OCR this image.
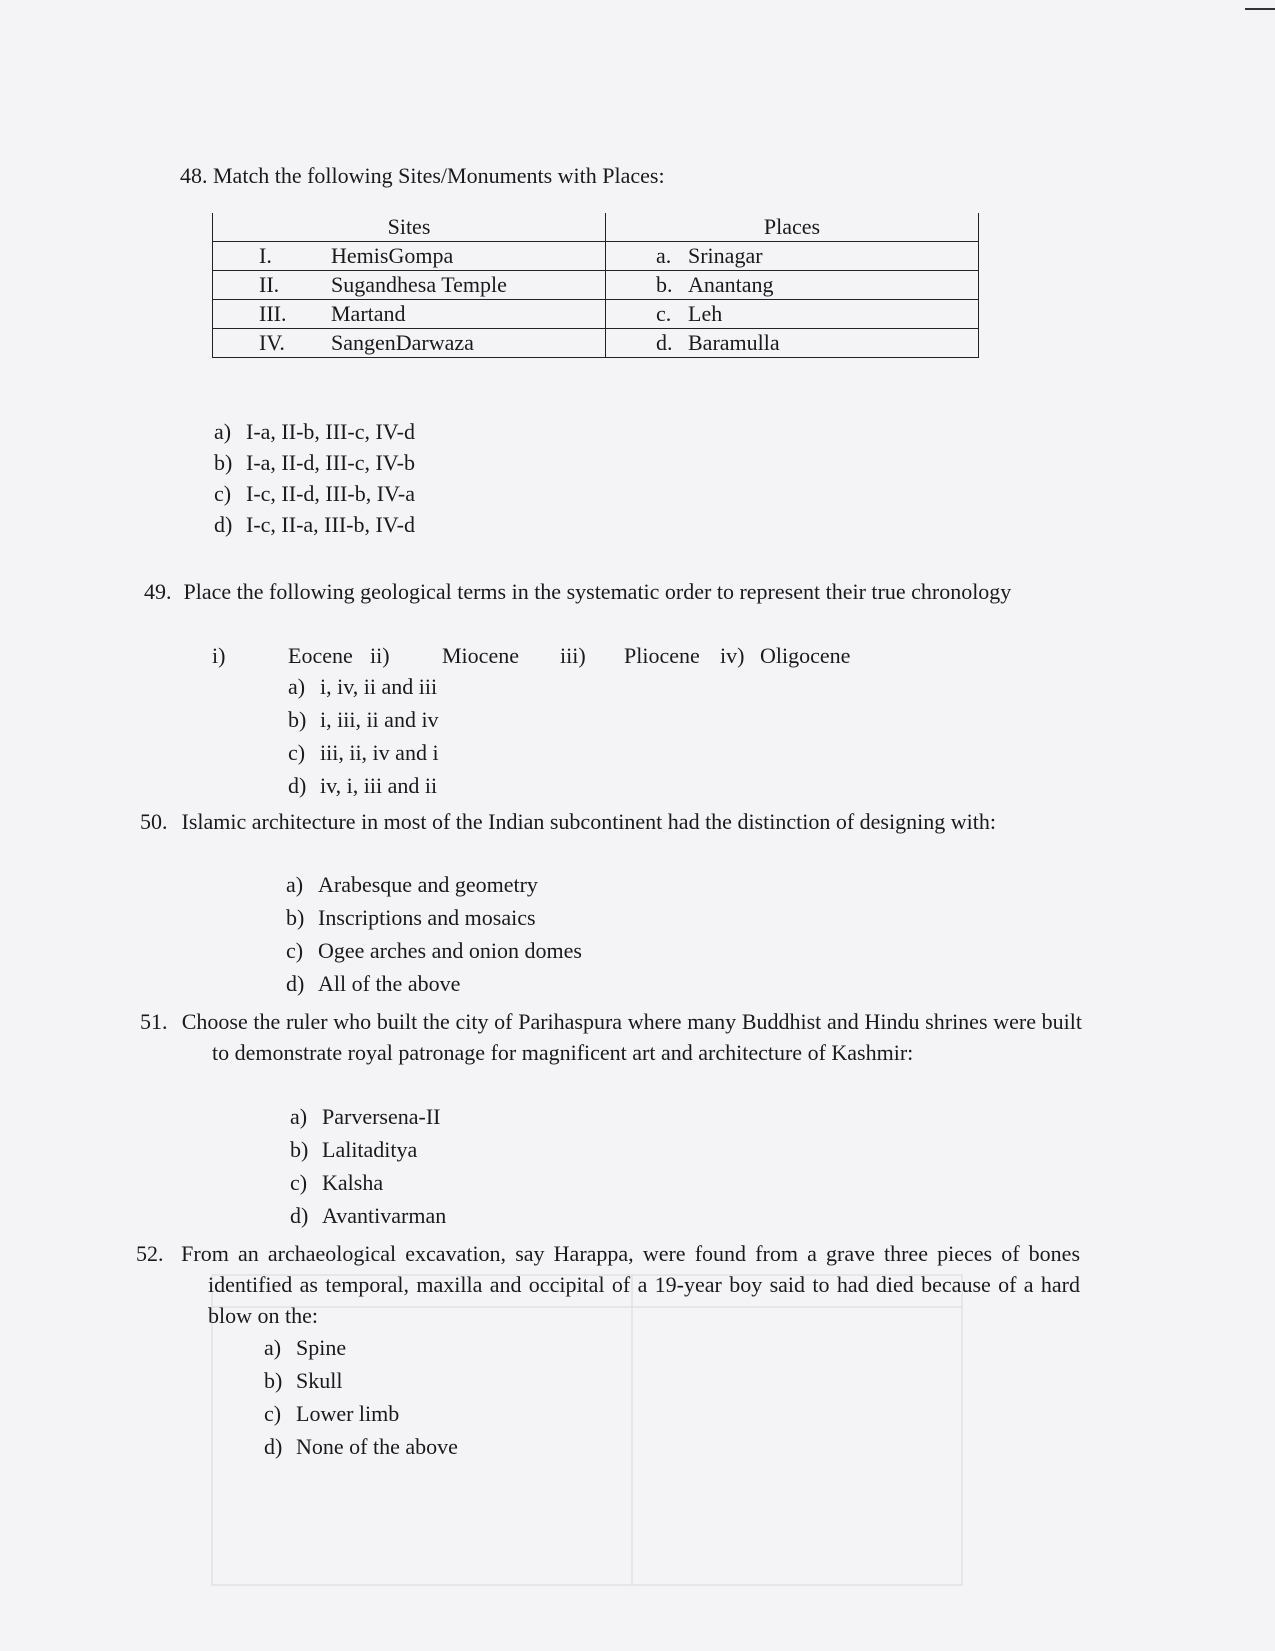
48. Match the following Sites/Monuments with Places:
Sites	Places
I. HemisGompa	a. Srinagar
II. Sugandhesa Temple	b. Anantang
III. Martand	c. Leh
IV. SangenDarwaza	d. Baramulla
a) I-a, II-b, III-c, IV-d
b) I-a, II-d, III-c, IV-b
c) I-c, II-d, III-b, IV-a
d) I-c, II-a, III-b, IV-d
49. Place the following geological terms in the systematic order to represent their true chronology
i)	Eocene ii) Miocene iii) Pliocene iv) Oligocene
a) i, iv, ii and iii
b) i, iii, ii and iv
c) iii, ii, iv and i
d) iv, i, iii and ii
50. Islamic architecture in most of the Indian subcontinent had the distinction of designing with:
a) Arabesque and geometry
b) Inscriptions and mosaics
c) Ogee arches and onion domes
d) All of the above
51. Choose the ruler who built the city of Parihaspura where many Buddhist and Hindu shrines were built to demonstrate royal patronage for magnificent art and architecture of Kashmir:
a) Parversena-II
b) Lalitaditya
c) Kalsha
d) Avantivarman
52. From an archaeological excavation, say Harappa, were found from a grave three pieces of bones identified as temporal, maxilla and occipital of a 19-year boy said to had died because of a hard blow on the:
a) Spine
b) Skull
c) Lower limb
d) None of the above
